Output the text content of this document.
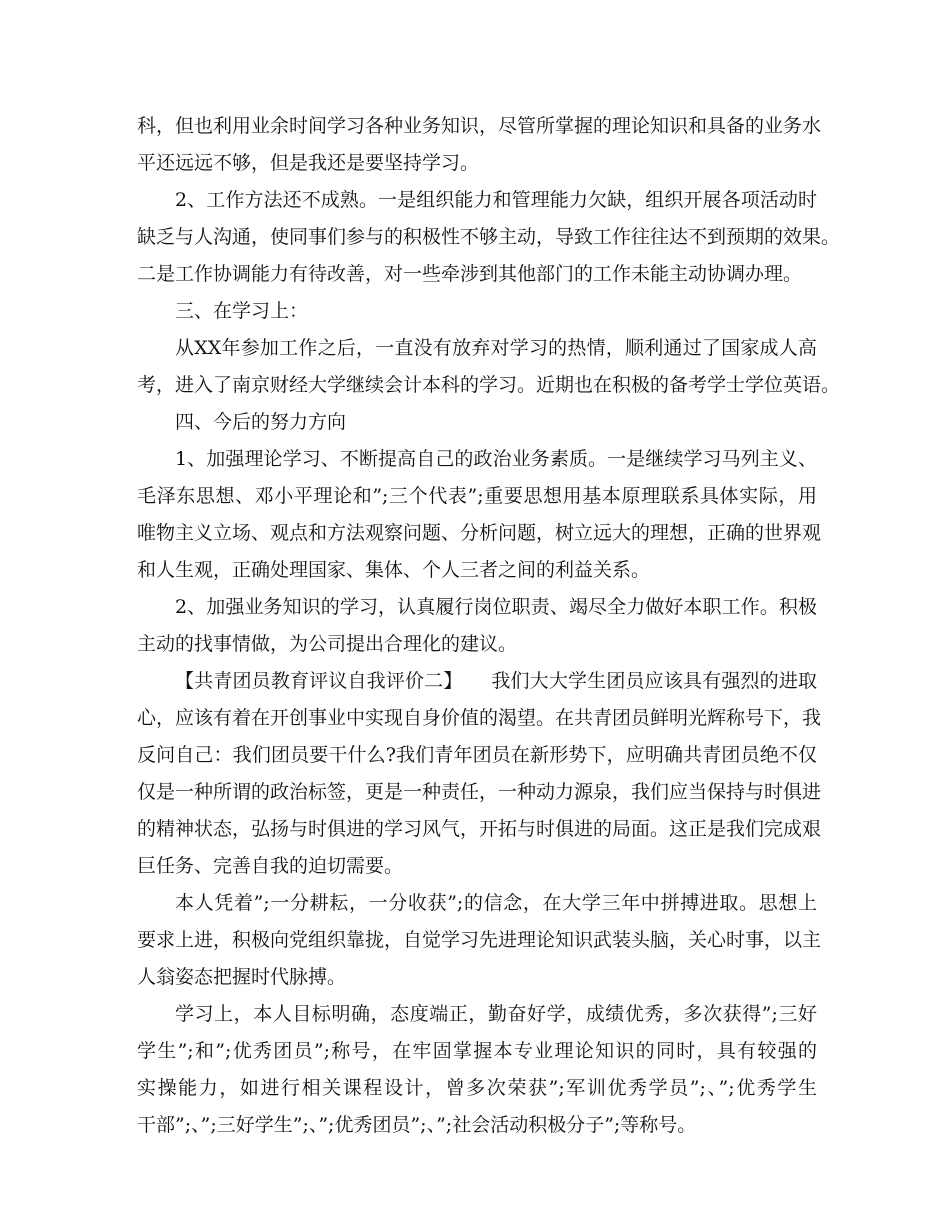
科，但也利用业余时间学习各种业务知识，尽管所掌握的理论知识和具备的业务水
平还远远不够，但是我还是要坚持学习。
2、工作方法还不成熟。一是组织能力和管理能力欠缺，组织开展各项活动时
缺乏与人沟通，使同事们参与的积极性不够主动，导致工作往往达不到预期的效果。
二是工作协调能力有待改善，对一些牵涉到其他部门的工作未能主动协调办理。
三、在学习上：
从XX年参加工作之后，一直没有放弃对学习的热情，顺利通过了国家成人高
考，进入了南京财经大学继续会计本科的学习。近期也在积极的备考学士学位英语。
四、今后的努力方向
1、加强理论学习、不断提高自己的政治业务素质。一是继续学习马列主义、
毛泽东思想、邓小平理论和”;三个代表”;重要思想用基本原理联系具体实际，用
唯物主义立场、观点和方法观察问题、分析问题，树立远大的理想，正确的世界观
和人生观，正确处理国家、集体、个人三者之间的利益关系。
2、加强业务知识的学习，认真履行岗位职责、竭尽全力做好本职工作。积极
主动的找事情做，为公司提出合理化的建议。
【共青团员教育评议自我评价二】　　我们大大学生团员应该具有强烈的进取
心，应该有着在开创事业中实现自身价值的渴望。在共青团员鲜明光辉称号下，我
反问自己：我们团员要干什么?我们青年团员在新形势下，应明确共青团员绝不仅
仅是一种所谓的政治标签，更是一种责任，一种动力源泉，我们应当保持与时俱进
的精神状态，弘扬与时俱进的学习风气，开拓与时俱进的局面。这正是我们完成艰
巨任务、完善自我的迫切需要。
本人凭着”;一分耕耘，一分收获”;的信念，在大学三年中拼搏进取。思想上
要求上进，积极向党组织靠拢，自觉学习先进理论知识武装头脑，关心时事，以主
人翁姿态把握时代脉搏。
学习上，本人目标明确，态度端正，勤奋好学，成绩优秀，多次获得”;三好
学生”;和”;优秀团员”;称号，在牢固掌握本专业理论知识的同时，具有较强的
实操能力，如进行相关课程设计，曾多次荣获”;军训优秀学员”;、”;优秀学生
干部”;、”;三好学生”;、”;优秀团员”;、”;社会活动积极分子”;等称号。
